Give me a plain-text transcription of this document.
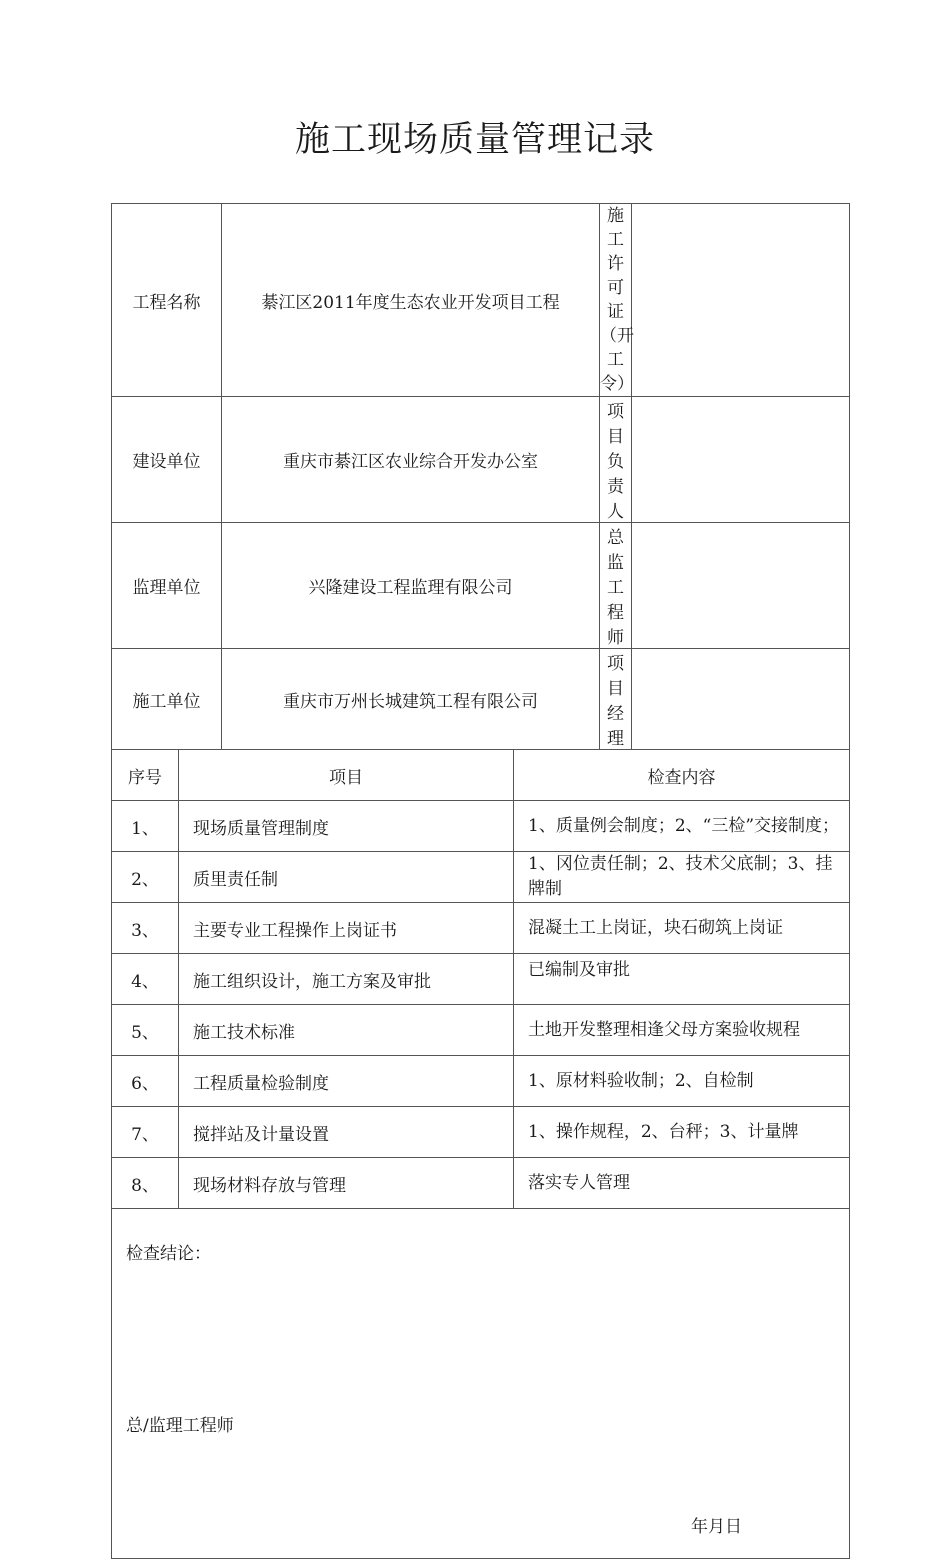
施工现场质量管理记录
工程名称		綦江区2011年度生态农业开发项目工程		施工许可证（开工令）	
建设单位		重庆市綦江区农业综合开发办公室		项目负责人	
监理单位		兴隆建设工程监理有限公司		总监工程师	
施工单位		重庆市万州长城建筑工程有限公司		项目经理	
序号	项目		检查内容		
1、	现场质量管理制度		1、质量例会制度；2、“三检”交接制度；		
2、	质里责任制		1、冈位责任制；2、技术父底制；3、挂牌制		
3、	主要专业工程操作上岗证书		混凝土工上岗证，块石砌筑上岗证		
4、	施工组织设计，施工方案及审批		已编制及审批		
5、	施工技术标准		土地开发整理相逢父母方案验收规程		
6、	工程质量检验制度		1、原材料验收制；2、自检制		
7、	搅拌站及计量设置		1、操作规程，2、台秤；3、计量牌		
8、	现场材料存放与管理		落实专人管理		

检查结论：
总/监理工程师
年月日					
